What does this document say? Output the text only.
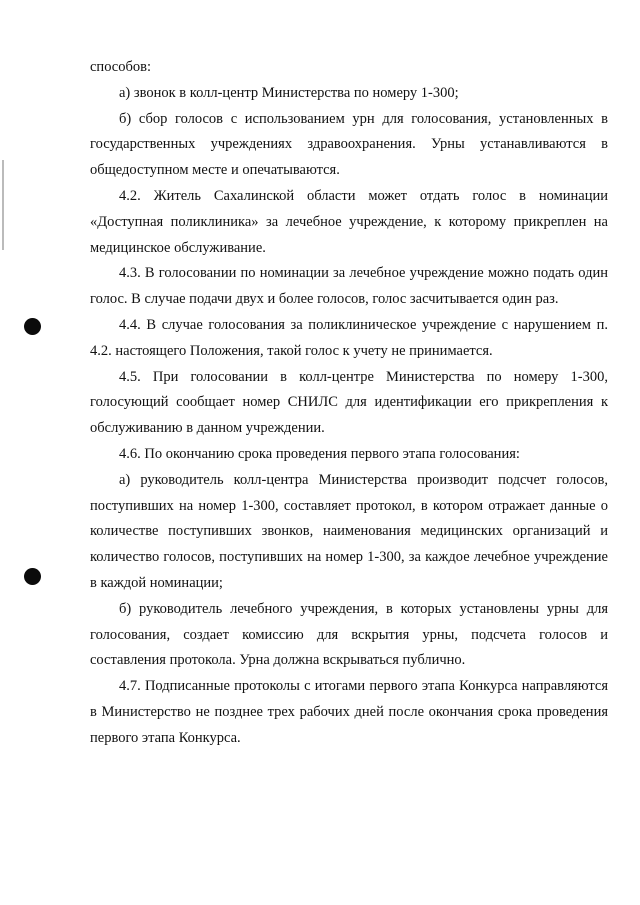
способов:

а) звонок в колл-центр Министерства по номеру 1-300;

б) сбор голосов с использованием урн для голосования, установленных в государственных учреждениях здравоохранения. Урны устанавливаются в общедоступном месте и опечатываются.

4.2. Житель Сахалинской области может отдать голос в номинации «Доступная поликлиника» за лечебное учреждение, к которому прикреплен на медицинское обслуживание.

4.3. В голосовании по номинации за лечебное учреждение можно подать один голос. В случае подачи двух и более голосов, голос засчитывается один раз.

4.4. В случае голосования за поликлиническое учреждение с нарушением п. 4.2. настоящего Положения, такой голос к учету не принимается.

4.5. При голосовании в колл-центре Министерства по номеру 1-300, голосующий сообщает номер СНИЛС для идентификации его прикрепления к обслуживанию в данном учреждении.

4.6. По окончанию срока проведения первого этапа голосования:

а) руководитель колл-центра Министерства производит подсчет голосов, поступивших на номер 1-300, составляет протокол, в котором отражает данные о количестве поступивших звонков, наименования медицинских организаций и количество голосов, поступивших на номер 1-300, за каждое лечебное учреждение в каждой номинации;

б) руководитель лечебного учреждения, в которых установлены урны для голосования, создает комиссию для вскрытия урны, подсчета голосов и составления протокола. Урна должна вскрываться публично.

4.7. Подписанные протоколы с итогами первого этапа Конкурса направляются в Министерство не позднее трех рабочих дней после окончания срока проведения первого этапа Конкурса.
